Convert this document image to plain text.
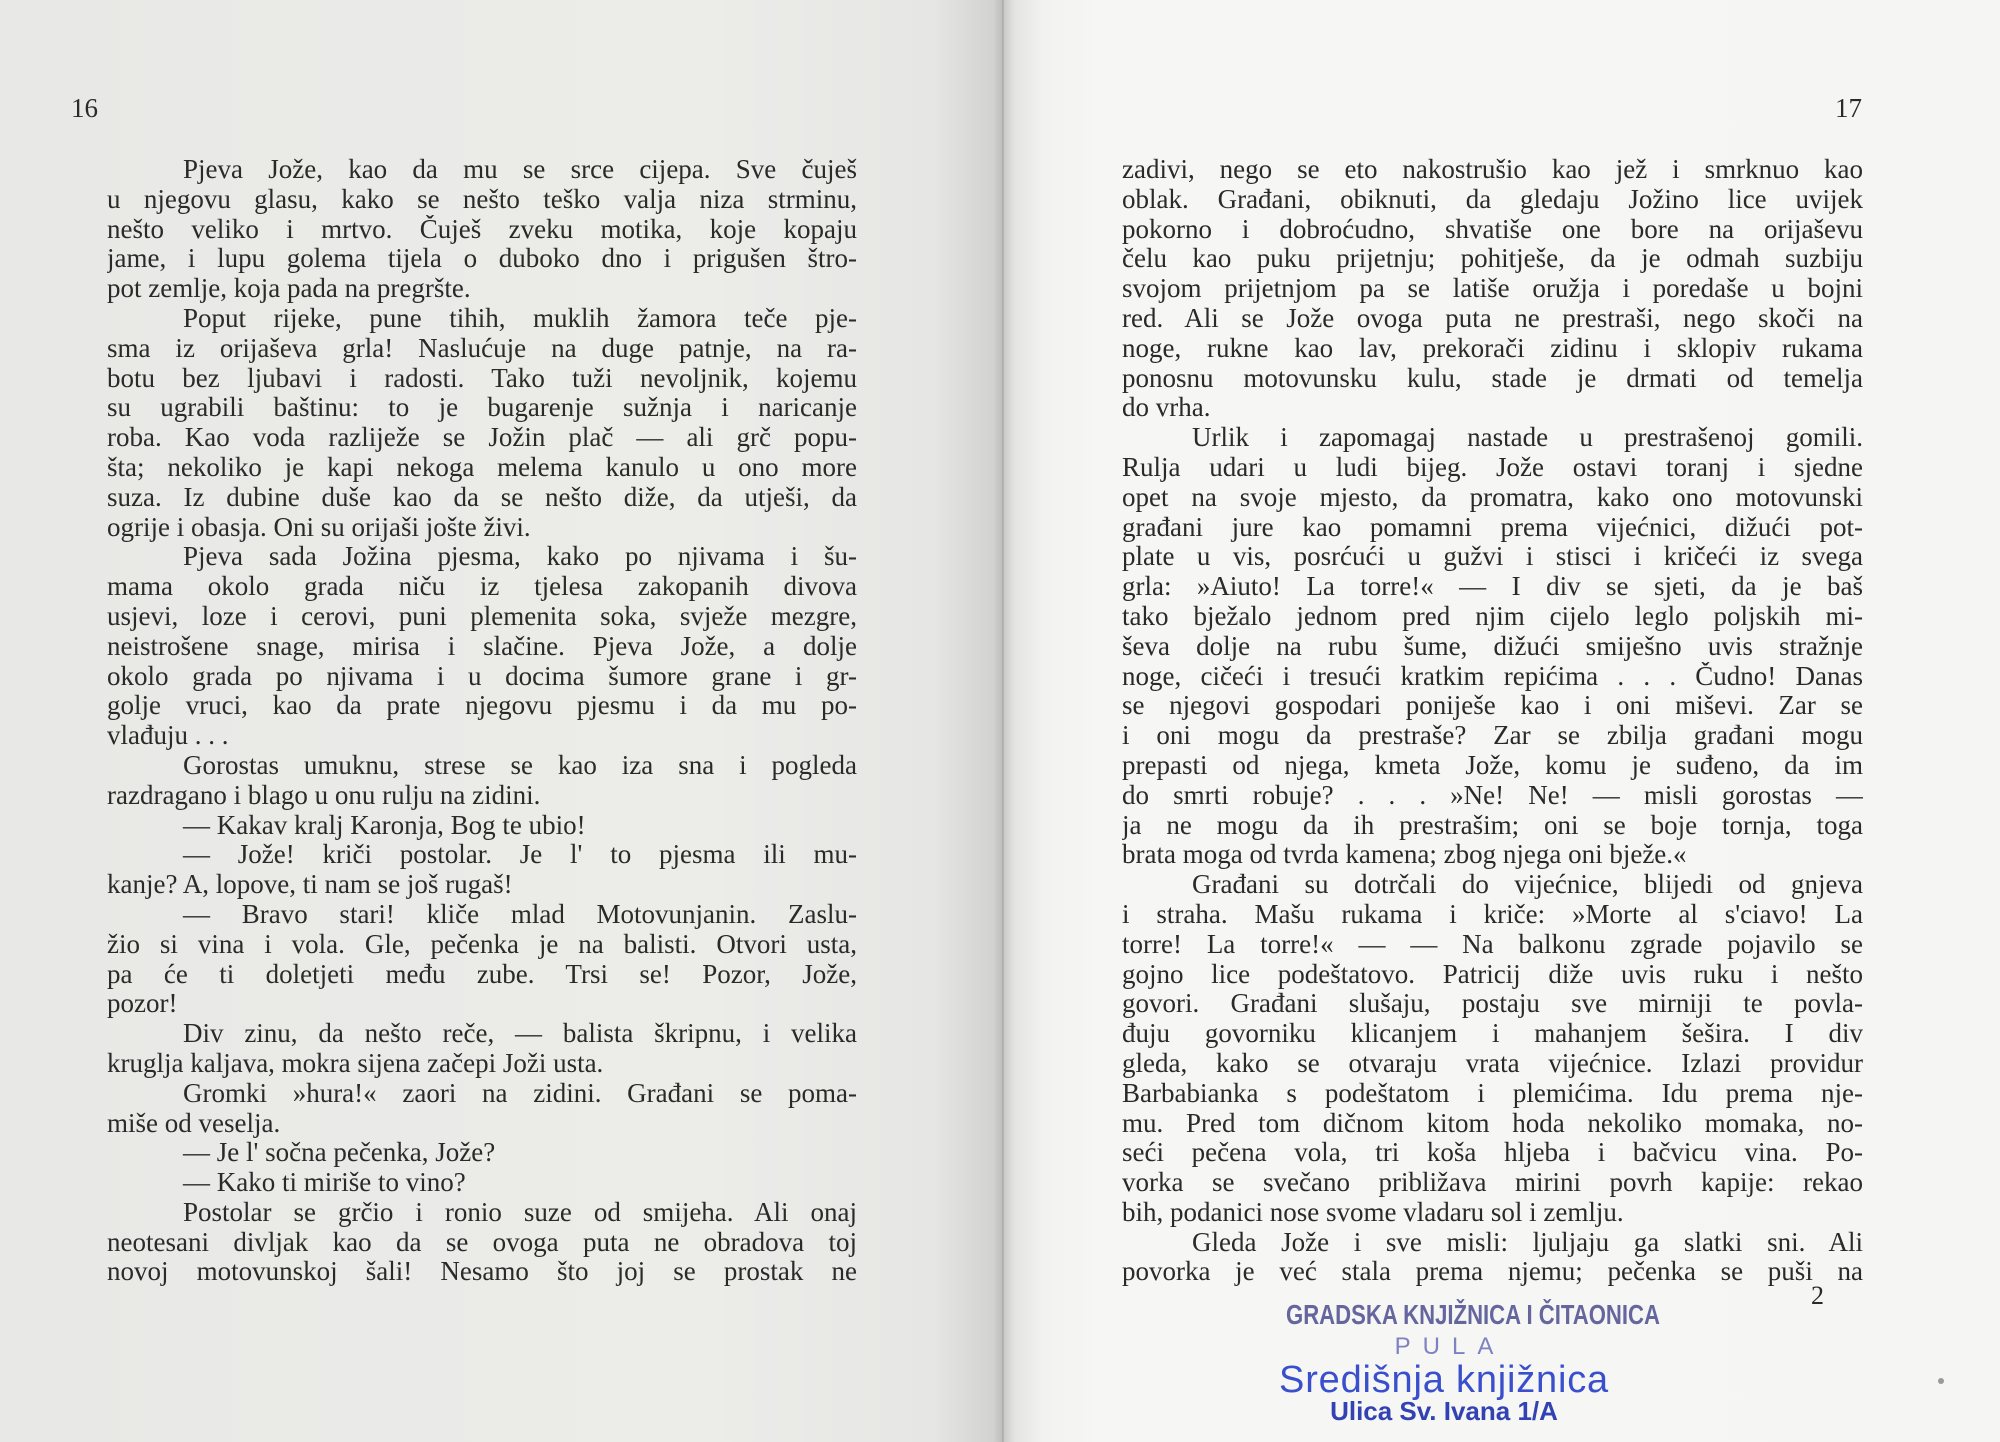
16
Pjeva Jože, kao da mu se srce cijepa. Sve čuješ
u njegovu glasu, kako se nešto teško valja niza strminu,
nešto veliko i mrtvo. Čuješ zveku motika, koje kopaju
jame, i lupu golema tijela o duboko dno i prigušen štro-
pot zemlje, koja pada na pregršte.
Poput rijeke, pune tihih, muklih žamora teče pje-
sma iz orijaševa grla! Naslućuje na duge patnje, na ra-
botu bez ljubavi i radosti. Tako tuži nevoljnik, kojemu
su ugrabili baštinu: to je bugarenje sužnja i naricanje
roba. Kao voda razliježe se Jožin plač — ali grč popu-
šta; nekoliko je kapi nekoga melema kanulo u ono more
suza. Iz dubine duše kao da se nešto diže, da utješi, da
ogrije i obasja. Oni su orijaši jošte živi.
Pjeva sada Jožina pjesma, kako po njivama i šu-
mama okolo grada niču iz tjelesa zakopanih divova
usjevi, loze i cerovi, puni plemenita soka, svježe mezgre,
neistrošene snage, mirisa i slačine. Pjeva Jože, a dolje
okolo grada po njivama i u docima šumore grane i gr-
golje vruci, kao da prate njegovu pjesmu i da mu po-
vlađuju . . .
Gorostas umuknu, strese se kao iza sna i pogleda
razdragano i blago u onu rulju na zidini.
— Kakav kralj Karonja, Bog te ubio!
— Jože! kriči postolar. Je l' to pjesma ili mu-
kanje? A, lopove, ti nam se još rugaš!
— Bravo stari! kliče mlad Motovunjanin. Zaslu-
žio si vina i vola. Gle, pečenka je na balisti. Otvori usta,
pa će ti doletjeti među zube. Trsi se! Pozor, Jože,
pozor!
Div zinu, da nešto reče, — balista škripnu, i velika
kruglja kaljava, mokra sijena začepi Joži usta.
Gromki »hura!« zaori na zidini. Građani se poma-
miše od veselja.
— Je l' sočna pečenka, Jože?
— Kako ti miriše to vino?
Postolar se grčio i ronio suze od smijeha. Ali onaj
neotesani divljak kao da se ovoga puta ne obradova toj
novoj motovunskoj šali! Nesamo što joj se prostak ne
17
zadivi, nego se eto nakostrušio kao jež i smrknuo kao
oblak. Građani, obiknuti, da gledaju Jožino lice uvijek
pokorno i dobroćudno, shvatiše one bore na orijaševu
čelu kao puku prijetnju; pohitješe, da je odmah suzbiju
svojom prijetnjom pa se latiše oružja i poredaše u bojni
red. Ali se Jože ovoga puta ne prestraši, nego skoči na
noge, rukne kao lav, prekorači zidinu i sklopiv rukama
ponosnu motovunsku kulu, stade je drmati od temelja
do vrha.
Urlik i zapomagaj nastade u prestrašenoj gomili.
Rulja udari u ludi bijeg. Jože ostavi toranj i sjedne
opet na svoje mjesto, da promatra, kako ono motovunski
građani jure kao pomamni prema vijećnici, dižući pot-
plate u vis, posrćući u gužvi i stisci i kričeći iz svega
grla: »Aiuto! La torre!« — I div se sjeti, da je baš
tako bježalo jednom pred njim cijelo leglo poljskih mi-
ševa dolje na rubu šume, dižući smiješno uvis stražnje
noge, cičeći i tresući kratkim repićima . . . Čudno! Danas
se njegovi gospodari poniješe kao i oni miševi. Zar se
i oni mogu da prestraše? Zar se zbilja građani mogu
prepasti od njega, kmeta Jože, komu je suđeno, da im
do smrti robuje? . . . »Ne! Ne! — misli gorostas —
ja ne mogu da ih prestrašim; oni se boje tornja, toga
brata moga od tvrda kamena; zbog njega oni bježe.«
Građani su dotrčali do vijećnice, blijedi od gnjeva
i straha. Mašu rukama i kriče: »Morte al s'ciavo! La
torre! La torre!« — — Na balkonu zgrade pojavilo se
gojno lice podeštatovo. Patricij diže uvis ruku i nešto
govori. Građani slušaju, postaju sve mirniji te povla-
đuju govorniku klicanjem i mahanjem šešira. I div
gleda, kako se otvaraju vrata vijećnice. Izlazi providur
Barbabianka s podeštatom i plemićima. Idu prema nje-
mu. Pred tom dičnom kitom hoda nekoliko momaka, no-
seći pečena vola, tri koša hljeba i bačvicu vina. Po-
vorka se svečano približava mirini povrh kapije: rekao
bih, podanici nose svome vladaru sol i zemlju.
Gleda Jože i sve misli: ljuljaju ga slatki sni. Ali
povorka je već stala prema njemu; pečenka se puši na
2
GRADSKA KNJIŽNICA I ČITAONICA
PULA
Središnja knjižnica
Ulica Sv. Ivana 1/A
